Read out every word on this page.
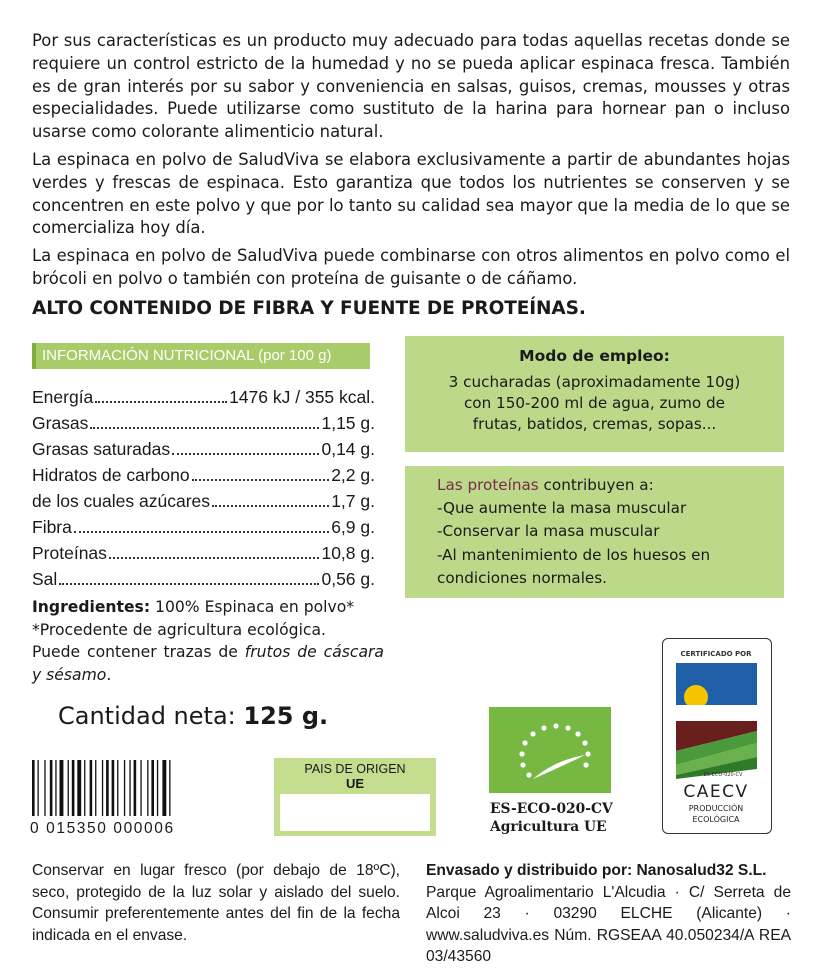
Por sus características es un producto muy adecuado para todas aquellas recetas donde se requiere un control estricto de la humedad y no se pueda aplicar espinaca fresca. También es de gran interés por su sabor y conveniencia en salsas, guisos, cremas, mousses y otras especialidades. Puede utilizarse como sustituto de la harina para hornear pan o incluso usarse como colorante alimenticio natural.

La espinaca en polvo de SaludViva se elabora exclusivamente a partir de abundantes hojas verdes y frescas de espinaca. Esto garantiza que todos los nutrientes se conserven y se concentren en este polvo y que por lo tanto su calidad sea mayor que la media de lo que se comercializa hoy día.

La espinaca en polvo de SaludViva puede combinarse con otros alimentos en polvo como el brócoli en polvo o también con proteína de guisante o de cáñamo.

ALTO CONTENIDO DE FIBRA Y FUENTE DE PROTEÍNAS.
INFORMACIÓN NUTRICIONAL (por 100 g)
Energía	1476 kJ / 355 kcal.
Grasas	1,15 g.
Grasas saturadas	0,14 g.
Hidratos de carbono	2,2 g.
de los cuales azúcares	1,7 g.
Fibra	6,9 g.
Proteínas	10,8 g.
Sal	0,56 g.

Ingredientes: 100% Espinaca en polvo*

*Procedente de agricultura ecológica.

Puede contener trazas de frutos de cáscara y sésamo.

Cantidad neta: 125 g.
0 015350 000006
PAIS DE ORIGEN
UE
Modo de empleo:
3 cucharadas (aproximadamente 10g)
con 150-200 ml de agua, zumo de
frutas, batidos, cremas, sopas...
Las proteínas contribuyen a:
-Que aumente la masa muscular
-Conservar la masa muscular
-Al mantenimiento de los huesos en
condiciones normales.
ES-ECO-020-CV
Agricultura UE
CERTIFICADO POR
ES-ECO-020-CV
CAECV
PRODUCCIÓN
ECOLÓGICA

Conservar en lugar fresco (por debajo de 18ºC), seco, protegido de la luz solar y aislado del suelo. Consumir preferentemente antes del fin de la fecha indicada en el envase.

Envasado y distribuido por: Nanosalud32 S.L.

Parque Agroalimentario L'Alcudia · C/ Serreta de Alcoi 23 · 03290 ELCHE (Alicante) · www.saludviva.es Núm. RGSEAA 40.050234/A REA 03/43560
